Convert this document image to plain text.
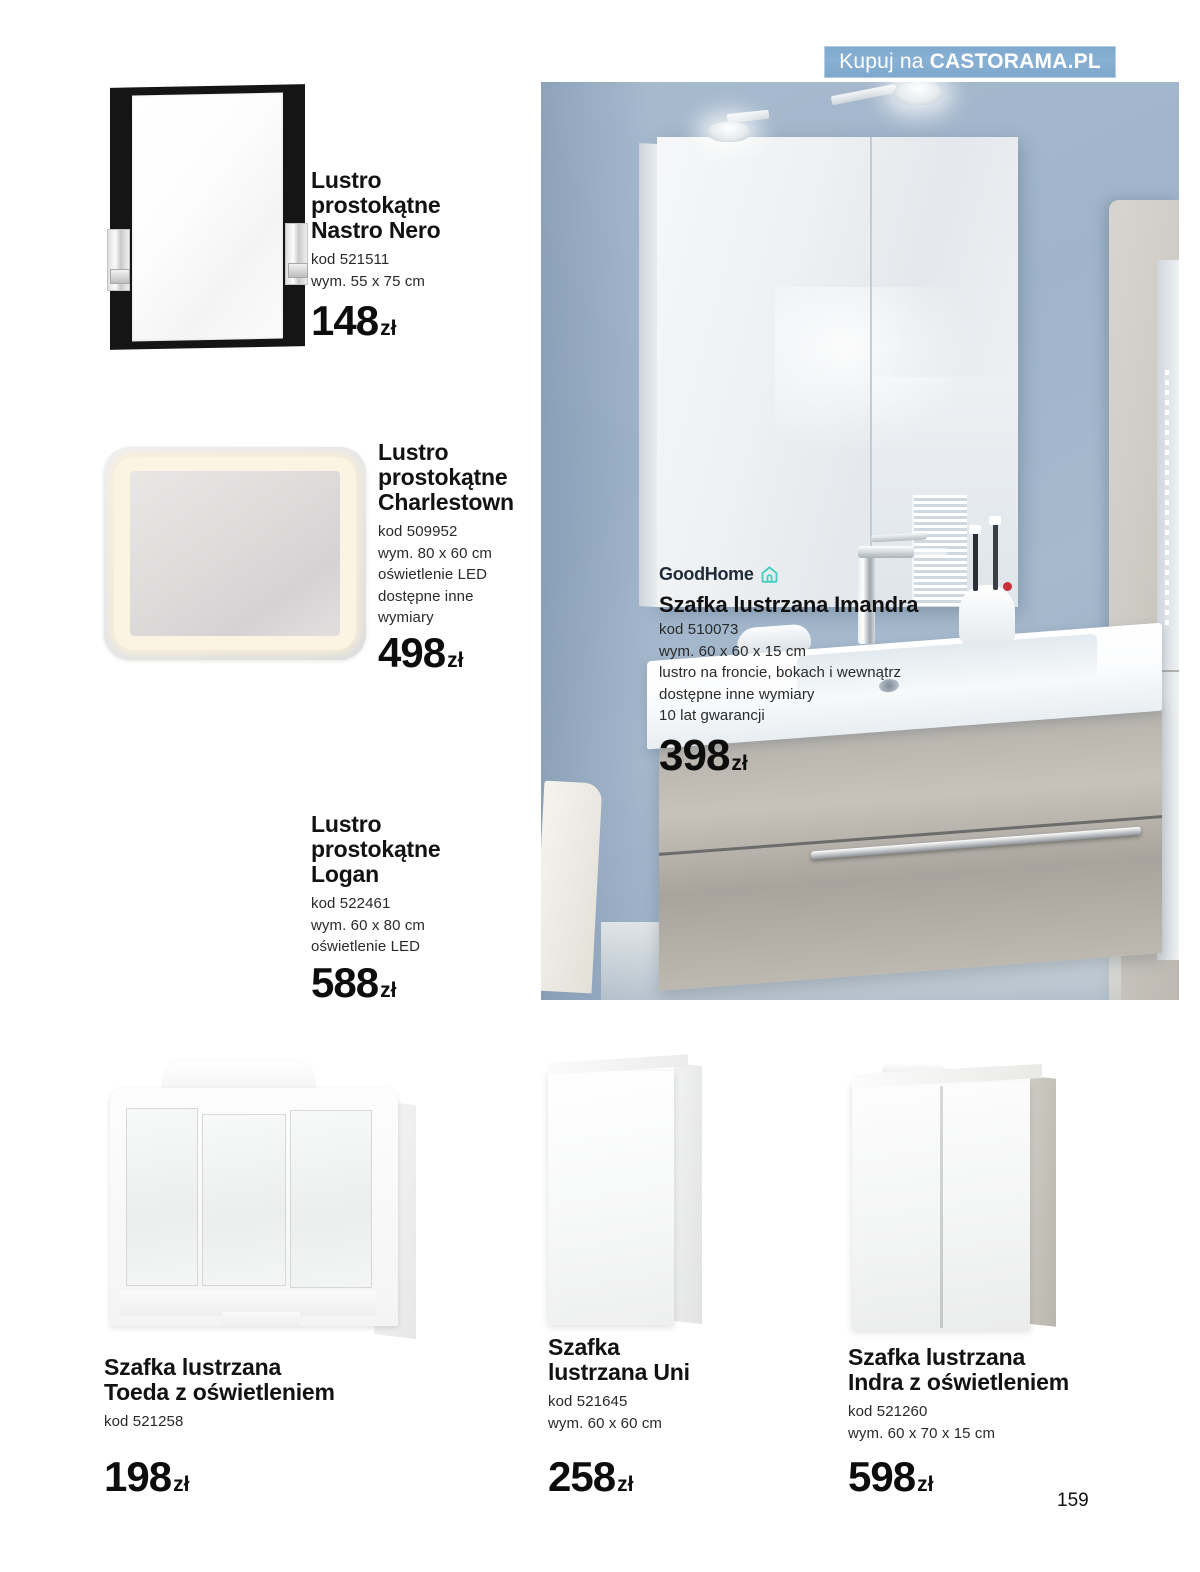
Kupuj na CASTORAMA.PL
Lustro
prostokątne
Nastro Nero
kod 521511
wym. 55 x 75 cm
148zł
Lustro
prostokątne
Charlestown
kod 509952
wym. 80 x 60 cm
oświetlenie LED
dostępne inne
wymiary
498zł
Lustro
prostokątne
Logan
kod 522461
wym. 60 x 80 cm
oświetlenie LED
588zł
GoodHome
Szafka lustrzana Imandra
kod 510073
wym. 60 x 60 x 15 cm
lustro na froncie, bokach i wewnątrz
dostępne inne wymiary
10 lat gwarancji
398zł
Szafka lustrzana
Toeda z oświetleniem
kod 521258
198zł
Szafka
lustrzana Uni
kod 521645
wym. 60 x 60 cm
258zł
Szafka lustrzana
Indra z oświetleniem
kod 521260
wym. 60 x 70 x 15 cm
598zł
159
